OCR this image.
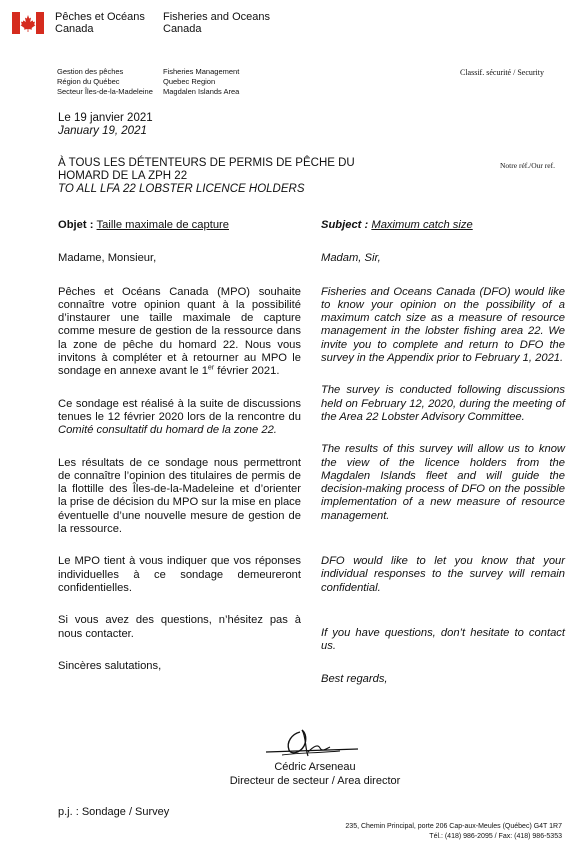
Pêches et Océans
Canada
Fisheries and Oceans
Canada
Gestion des pêches
Région du Québec
Secteur Îles-de-la-Madeleine
Fisheries Management
Quebec Region
Magdalen Islands Area
Classif. sécurité / Security
Le 19 janvier 2021
January 19, 2021
À TOUS LES DÉTENTEURS DE PERMIS DE PÊCHE DU
HOMARD DE LA ZPH 22
TO ALL LFA 22 LOBSTER LICENCE HOLDERS
Notre réf./Our ref.

Objet : Taille maximale de capture

Madame, Monsieur,

Pêches et Océans Canada (MPO) souhaite connaître votre opinion quant à la possibilité d’instaurer une taille maximale de capture comme mesure de gestion de la ressource dans la zone de pêche du homard 22. Nous vous invitons à compléter et à retourner au MPO le sondage en annexe avant le 1er février 2021.

Ce sondage est réalisé à la suite de discussions tenues le 12 février 2020 lors de la rencontre du Comité consultatif du homard de la zone 22.

Les résultats de ce sondage nous permettront de connaître l’opinion des titulaires de permis de la flottille des Îles-de-la-Madeleine et d’orienter la prise de décision du MPO sur la mise en place éventuelle d’une nouvelle mesure de gestion de la ressource.

Le MPO tient à vous indiquer que vos réponses individuelles à ce sondage demeureront confidentielles.

Si vous avez des questions, n’hésitez pas à nous contacter.

Sincères salutations,

Subject : Maximum catch size

Madam, Sir,

Fisheries and Oceans Canada (DFO) would like to know your opinion on the possibility of a maximum catch size as a measure of resource management in the lobster fishing area 22. We invite you to complete and return to DFO the survey in the Appendix prior to February 1, 2021.

The survey is conducted following discussions held on February 12, 2020, during the meeting of the Area 22 Lobster Advisory Committee.

The results of this survey will allow us to know the view of the licence holders from the Magdalen Islands fleet and will guide the decision-making process of DFO on the possible implementation of a new measure of resource management.

DFO would like to let you know that your individual responses to the survey will remain confidential.

If you have questions, don’t hesitate to contact us.

Best regards,

Cédric Arseneau
Directeur de secteur / Area director
p.j. : Sondage / Survey
235, Chemin Principal, porte 206 Cap-aux-Meules (Québec) G4T 1R7
Tél.: (418) 986-2095 / Fax: (418) 986-5353
